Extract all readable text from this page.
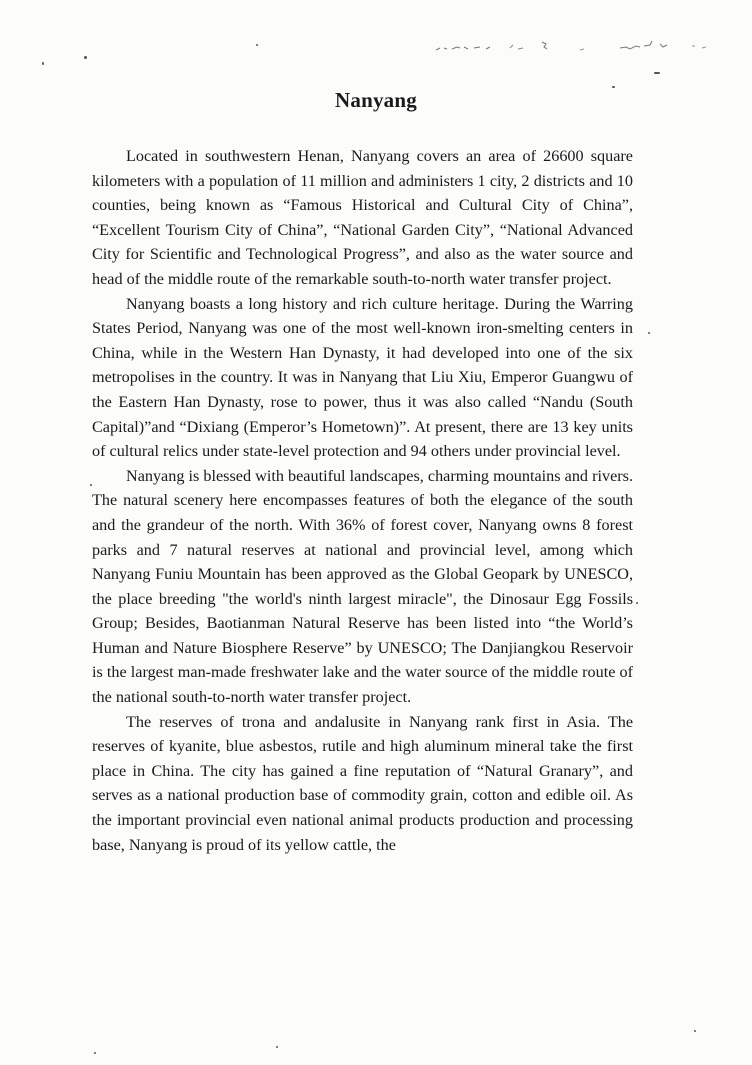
Nanyang

Located in southwestern Henan, Nanyang covers an area of 26600 square kilometers with a population of 11 million and administers 1 city, 2 districts and 10 counties, being known as “Famous Historical and Cultural City of China”, “Excellent Tourism City of China”, “National Garden City”, “National Advanced City for Scientific and Technological Progress”, and also as the water source and head of the middle route of the remarkable south-to-north water transfer project.

Nanyang boasts a long history and rich culture heritage. During the Warring States Period, Nanyang was one of the most well-known iron-smelting centers in China, while in the Western Han Dynasty, it had developed into one of the six metropolises in the country. It was in Nanyang that Liu Xiu, Emperor Guangwu of the Eastern Han Dynasty, rose to power, thus it was also called “Nandu (South Capital)”and “Dixiang (Emperor’s Hometown)”. At present, there are 13 key units of cultural relics under state-level protection and 94 others under provincial level.

Nanyang is blessed with beautiful landscapes, charming mountains and rivers. The natural scenery here encompasses features of both the elegance of the south and the grandeur of the north. With 36% of forest cover, Nanyang owns 8 forest parks and 7 natural reserves at national and provincial level, among which Nanyang Funiu Mountain has been approved as the Global Geopark by UNESCO, the place breeding "the world's ninth largest miracle", the Dinosaur Egg Fossils Group; Besides, Baotianman Natural Reserve has been listed into “the World’s Human and Nature Biosphere Reserve” by UNESCO; The Danjiangkou Reservoir is the largest man-made freshwater lake and the water source of the middle route of the national south-to-north water transfer project.

The reserves of trona and andalusite in Nanyang rank first in Asia. The reserves of kyanite, blue asbestos, rutile and high aluminum mineral take the first place in China. The city has gained a fine reputation of “Natural Granary”, and serves as a national production base of commodity grain, cotton and edible oil. As the important provincial even national animal products production and processing base, Nanyang is proud of its yellow cattle, the
